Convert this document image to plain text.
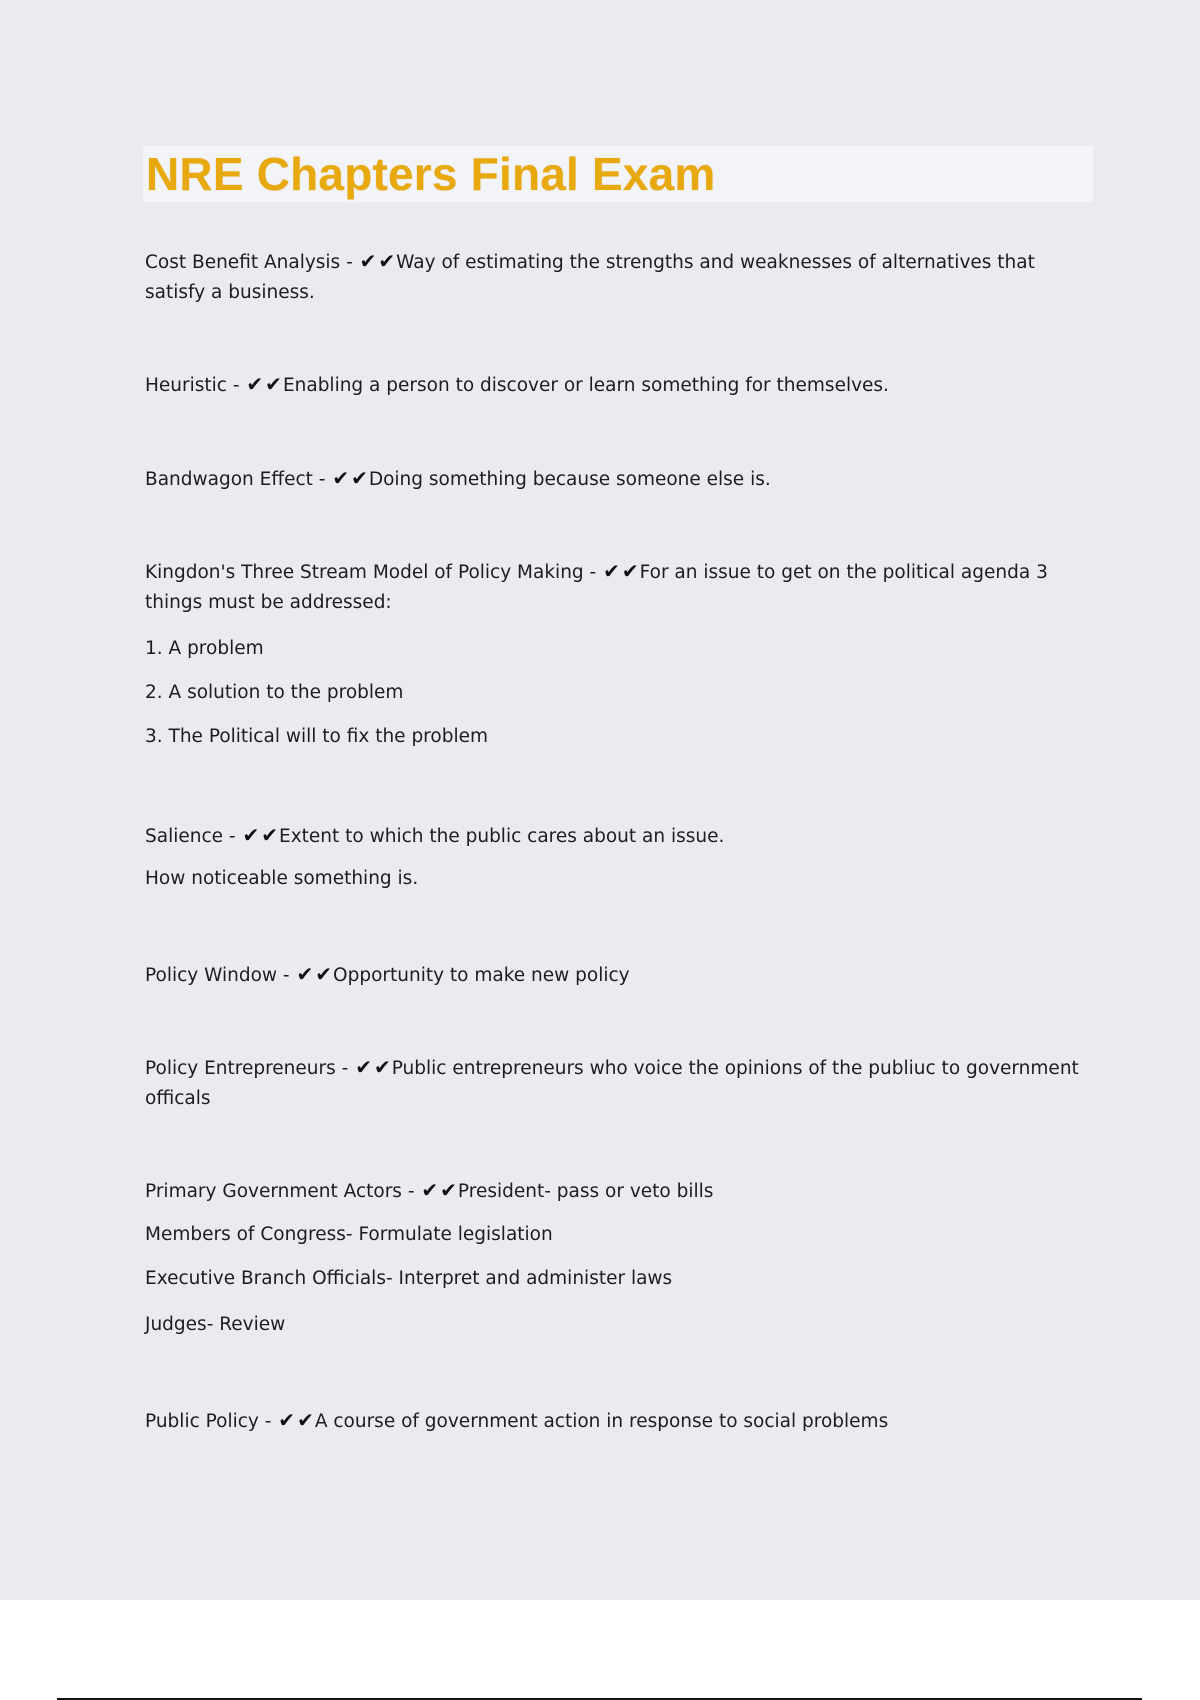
NRE Chapters Final Exam
Cost Benefit Analysis - ✔ ✔Way of estimating the strengths and weaknesses of alternatives that satisfy a business.
Heuristic - ✔ ✔Enabling a person to discover or learn something for themselves.
Bandwagon Effect - ✔ ✔Doing something because someone else is.
Kingdon's Three Stream Model of Policy Making - ✔ ✔For an issue to get on the political agenda 3 things must be addressed:
1. A problem
2. A solution to the problem
3. The Political will to fix the problem
Salience - ✔ ✔Extent to which the public cares about an issue.
How noticeable something is.
Policy Window - ✔ ✔Opportunity to make new policy
Policy Entrepreneurs - ✔ ✔Public entrepreneurs who voice the opinions of the publiuc to government officals
Primary Government Actors - ✔ ✔President- pass or veto bills
Members of Congress- Formulate legislation
Executive Branch Officials- Interpret and administer laws
Judges- Review
Public Policy - ✔ ✔A course of government action in response to social problems
